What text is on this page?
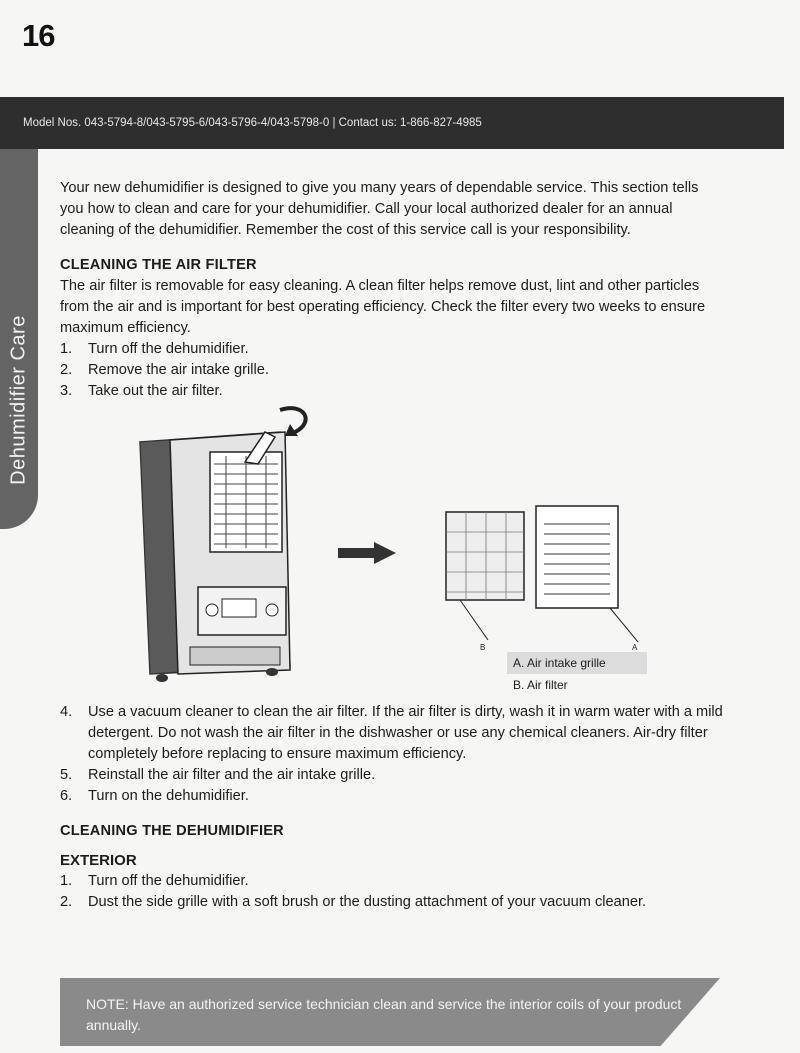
16
Model Nos. 043-5794-8/043-5795-6/043-5796-4/043-5798-0 | Contact us: 1-866-827-4985
Dehumidifier Care

Your new dehumidifier is designed to give you many years of dependable service. This section tells you how to clean and care for your dehumidifier. Call your local authorized dealer for an annual cleaning of the dehumidifier. Remember the cost of this service call is your responsibility.

CLEANING THE AIR FILTER

The air filter is removable for easy cleaning. A clean filter helps remove dust, lint and other particles from the air and is important for best operating efficiency. Check the filter every two weeks to ensure maximum efficiency.

1. Turn off the dehumidifier.
2. Remove the air intake grille.
3. Take out the air filter.
B	A
A. Air intake grille
B. Air filter
4. Use a vacuum cleaner to clean the air filter. If the air filter is dirty, wash it in warm water with a mild detergent. Do not wash the air filter in the dishwasher or use any chemical cleaners. Air-dry filter completely before replacing to ensure maximum efficiency.
5. Reinstall the air filter and the air intake grille.
6. Turn on the dehumidifier.
CLEANING THE DEHUMIDIFIER
EXTERIOR
1. Turn off the dehumidifier.
2. Dust the side grille with a soft brush or the dusting attachment of your vacuum cleaner.
NOTE: Have an authorized service technician clean and service the interior coils of your product annually.
